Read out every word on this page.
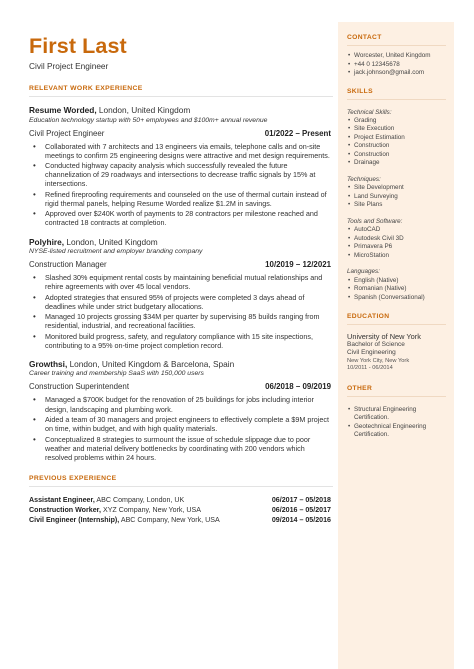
First Last
Civil Project Engineer
RELEVANT WORK EXPERIENCE
Resume Worded, London, United Kingdom
Education technology startup with 50+ employees and $100m+ annual revenue
Civil Project Engineer	01/2022 – Present
• Collaborated with 7 architects and 13 engineers via emails, telephone calls and on-site meetings to confirm 25 engineering designs were attractive and met design requirements.
• Conducted highway capacity analysis which successfully revealed the future channelization of 29 roadways and intersections to decrease traffic signals by 15% at intersections.
• Refined fireproofing requirements and counseled on the use of thermal curtain instead of rigid thermal panels, helping Resume Worded realize $1.2M in savings.
• Approved over $240K worth of payments to 28 contractors per milestone reached and contracted 18 contracts at completion.
Polyhire, London, United Kingdom
NYSE-listed recruitment and employer branding company
Construction Manager	10/2019 – 12/2021
• Slashed 30% equipment rental costs by maintaining beneficial mutual relationships and rehire agreements with over 45 local vendors.
• Adopted strategies that ensured 95% of projects were completed 3 days ahead of deadlines while under strict budgetary allocations.
• Managed 10 projects grossing $34M per quarter by supervising 85 builds ranging from residential, industrial, and recreational facilities.
• Monitored build progress, safety, and regulatory compliance with 15 site inspections, contributing to a 95% on-time project completion record.
Growthsi, London, United Kingdom & Barcelona, Spain
Career training and membership SaaS with 150,000 users
Construction Superintendent	06/2018 – 09/2019
• Managed a $700K budget for the renovation of 25 buildings for jobs including interior design, landscaping and plumbing work.
• Aided a team of 30 managers and project engineers to effectively complete a $9M project on time, within budget, and with high quality materials.
• Conceptualized 8 strategies to surmount the issue of schedule slippage due to poor weather and material delivery bottlenecks by coordinating with 200 vendors which resolved problems within 24 hours.
PREVIOUS EXPERIENCE
Assistant Engineer, ABC Company, London, UK	06/2017 – 05/2018
Construction Worker, XYZ Company, New York, USA	06/2016 – 05/2017
Civil Engineer (Internship), ABC Company, New York, USA	09/2014 – 05/2016
CONTACT
• Worcester, United Kingdom
• +44 0 12345678
• jack.johnson@gmail.com
SKILLS
Technical Skills:
• Grading
• Site Execution
• Project Estimation
• Construction
• Construction
• Drainage
Techniques:
• Site Development
• Land Surveying
• Site Plans
Tools and Software:
• AutoCAD
• Autodesk Civil 3D
• Primavera P6
• MicroStation
Languages:
• English (Native)
• Romanian (Native)
• Spanish (Conversational)
EDUCATION
University of New York
Bachelor of Science
Civil Engineering
New York City, New York
10/2011 - 06/2014
OTHER
• Structural Engineering Certification.
• Geotechnical Engineering Certification.
